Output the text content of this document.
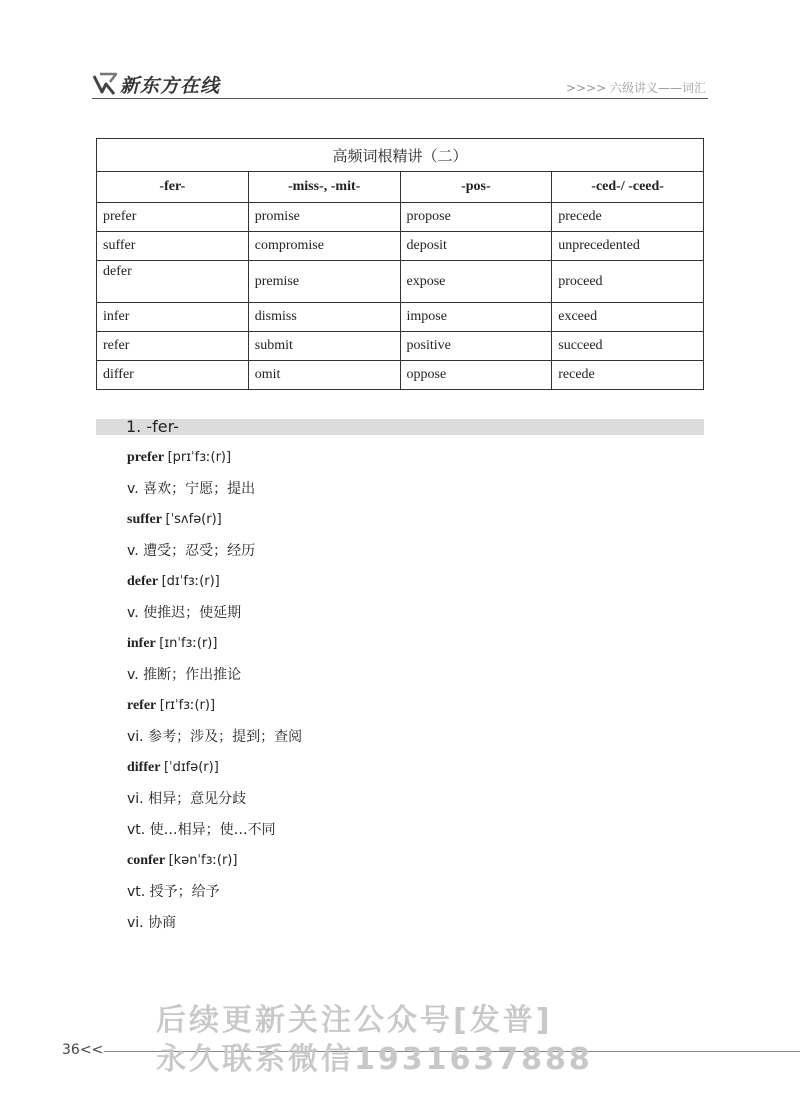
新东方在线	>>>> 六级讲义——词汇
高频词根精讲（二）			
-fer-	-miss-, -mit-	-pos-	-ced-/ -ceed-
prefer	promise	propose	precede
suffer	compromise	deposit	unprecedented
defer	premise	expose	proceed
infer	dismiss	impose	exceed
refer	submit	positive	succeed
differ	omit	oppose	recede
1. -fer-
prefer [prɪˈfɜː(r)]
v. 喜欢；宁愿；提出
suffer [ˈsʌfə(r)]
v. 遭受；忍受；经历
defer [dɪˈfɜː(r)]
v. 使推迟；使延期
infer [ɪnˈfɜː(r)]
v. 推断；作出推论
refer [rɪˈfɜː(r)]
vi. 参考；涉及；提到；查阅
differ [ˈdɪfə(r)]
vi. 相异；意见分歧
vt. 使…相异；使…不同
confer [kənˈfɜː(r)]
vt. 授予；给予
vi. 协商
后续更新关注公众号[发普]
36<< 永久联系微信1931637888
